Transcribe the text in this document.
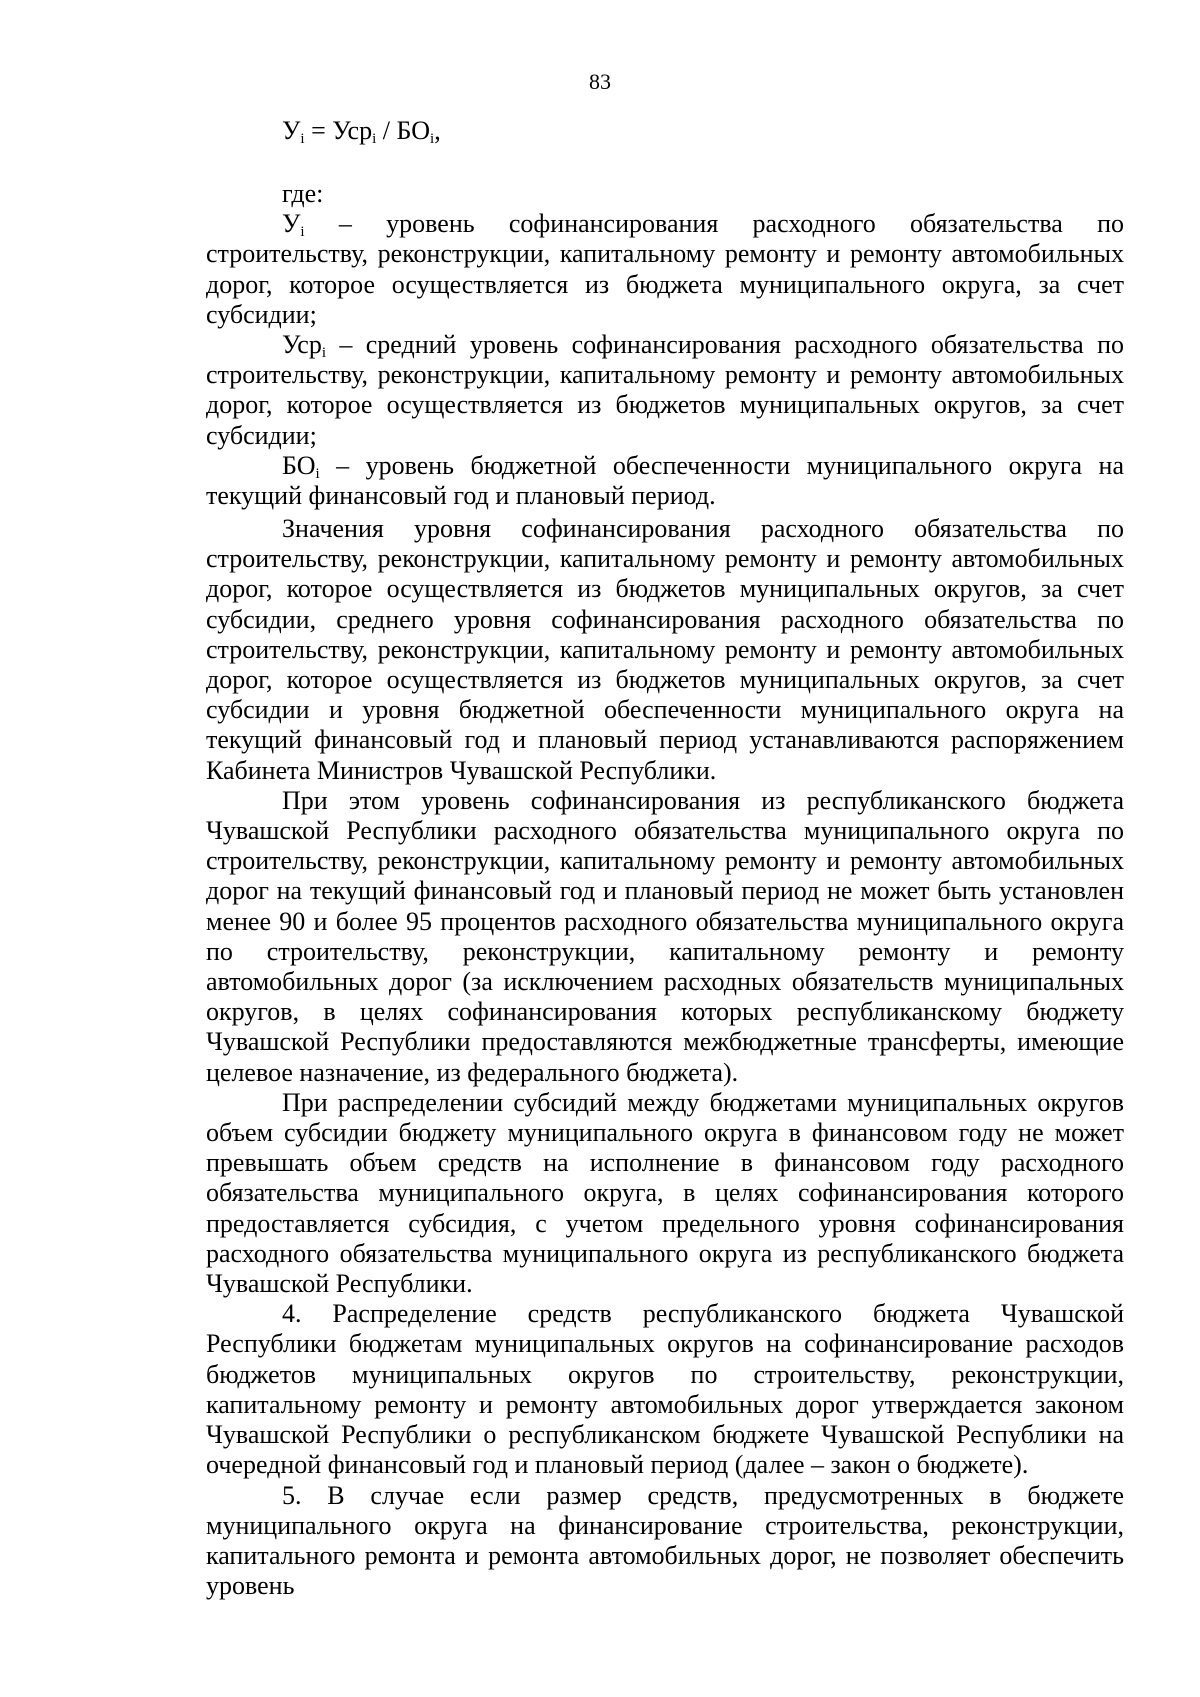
83
$У_i = Уср_i / БО_i$,

где:

$У_i$ – уровень софинансирования расходного обязательства по строительству, реконструкции, капитальному ремонту и ремонту автомобильных дорог, которое осуществляется из бюджета муниципального округа, за счет субсидии;

Уср$_i$ – средний уровень софинансирования расходного обязательства по строительству, реконструкции, капитальному ремонту и ремонту автомобильных дорог, которое осуществляется из бюджетов муниципальных округов, за счет субсидии;

$БО_i$ – уровень бюджетной обеспеченности муниципального округа на текущий финансовый год и плановый период.

Значения уровня софинансирования расходного обязательства по строительству, реконструкции, капитальному ремонту и ремонту автомобильных дорог, которое осуществляется из бюджетов муниципальных округов, за счет субсидии, среднего уровня софинансирования расходного обязательства по строительству, реконструкции, капитальному ремонту и ремонту автомобильных дорог, которое осуществляется из бюджетов муниципальных округов, за счет субсидии и уровня бюджетной обеспеченности муниципального округа на текущий финансовый год и плановый период устанавливаются распоряжением Кабинета Министров Чувашской Республики.

При этом уровень софинансирования из республиканского бюджета Чувашской Республики расходного обязательства муниципального округа по строительству, реконструкции, капитальному ремонту и ремонту автомобильных дорог на текущий финансовый год и плановый период не может быть установлен менее 90 и более 95 процентов расходного обязательства муниципального округа по строительству, реконструкции, капитальному ремонту и ремонту автомобильных дорог (за исключением расходных обязательств муниципальных округов, в целях софинансирования которых республиканскому бюджету Чувашской Республики предоставляются межбюджетные трансферты, имеющие целевое назначение, из федерального бюджета).

При распределении субсидий между бюджетами муниципальных округов объем субсидии бюджету муниципального округа в финансовом году не может превышать объем средств на исполнение в финансовом году расходного обязательства муниципального округа, в целях софинансирования которого предоставляется субсидия, с учетом предельного уровня софинансирования расходного обязательства муниципального округа из республиканского бюджета Чувашской Республики.

4. Распределение средств республиканского бюджета Чувашской Республики бюджетам муниципальных округов на софинансирование расходов бюджетов муниципальных округов по строительству, реконструкции, капитальному ремонту и ремонту автомобильных дорог утверждается законом Чувашской Республики о республиканском бюджете Чувашской Республики на очередной финансовый год и плановый период (далее – закон о бюджете).

5. В случае если размер средств, предусмотренных в бюджете муниципального округа на финансирование строительства, реконструкции, капитального ремонта и ремонта автомобильных дорог, не позволяет обеспечить уровень
